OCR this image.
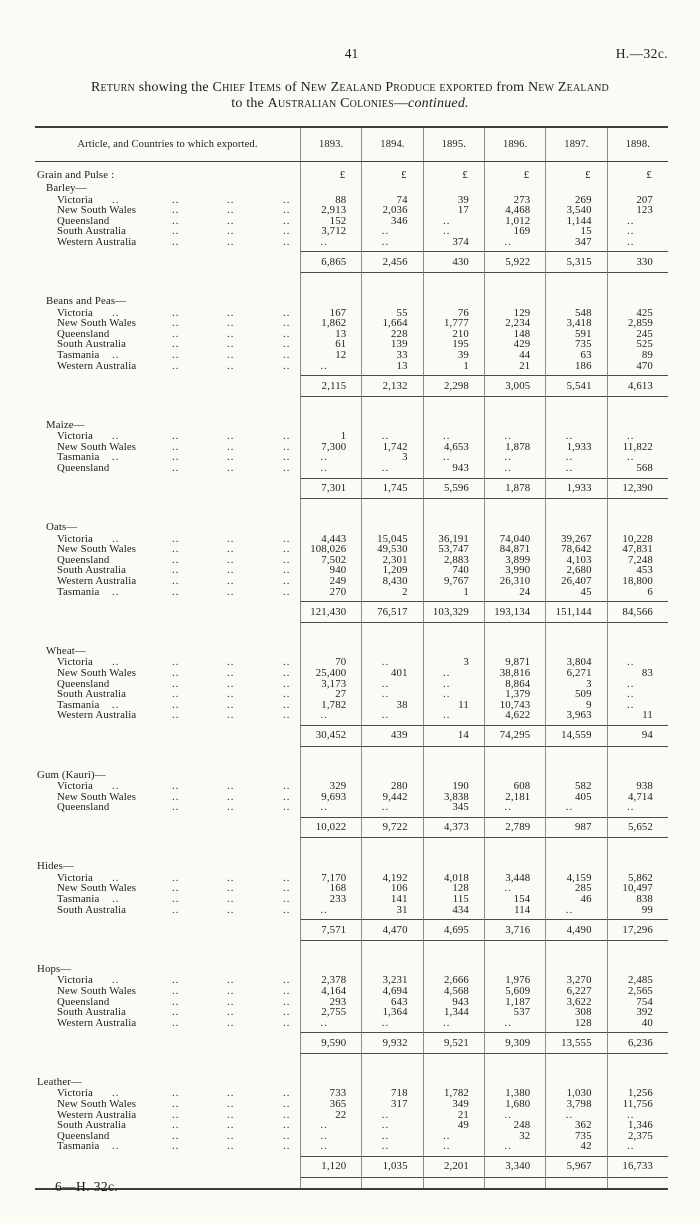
41	H.—32c.
Return showing the Chief Items of New Zealand Produce exported from New Zealand
to the Australian Colonies—continued.
Article, and Countries to which exported.	1893.	1894.	1895.	1896.	1897.	1898.
Grain and Pulse :	£	£	£	£	£	£
Barley—
Victoria ..	..	..	..	88	74	39	273	269	207
New South Wales	..	..	..	2,913	2,036	17	4,468	3,540	123
Queensland	..	..	..	152	346	..	1,012	1,144	..
South Australia	..	..	..	3,712	..	..	169	15	..
Western Australia	..	..	..	..	..	374	..	347	..
6,865	2,456	430	5,922	5,315	330
Beans and Peas—
Victoria ..	..	..	..	167	55	76	129	548	425
New South Wales	..	..	..	1,862	1,664	1,777	2,234	3,418	2,859
Queensland	..	..	..	13	228	210	148	591	245
South Australia	..	..	..	61	139	195	429	735	525
Tasmania ..	..	..	..	12	33	39	44	63	89
Western Australia	..	..	..	..	13	1	21	186	470
2,115	2,132	2,298	3,005	5,541	4,613
Maize—
Victoria ..	..	..	..	1	..	..	..	..	..
New South Wales	..	..	..	7,300	1,742	4,653	1,878	1,933	11,822
Tasmania ..	..	..	..	..	3	..	..	..	..
Queensland	..	..	..	..	..	943	..	..	568
7,301	1,745	5,596	1,878	1,933	12,390
Oats—
Victoria ..	..	..	..	4,443	15,045	36,191	74,040	39,267	10,228
New South Wales	..	..	..	108,026	49,530	53,747	84,871	78,642	47,831
Queensland	..	..	..	7,502	2,301	2,883	3,899	4,103	7,248
South Australia	..	..	..	940	1,209	740	3,990	2,680	453
Western Australia	..	..	..	249	8,430	9,767	26,310	26,407	18,800
Tasmania ..	..	..	..	270	2	1	24	45	6
121,430	76,517	103,329	193,134	151,144	84,566
Wheat—
Victoria ..	..	..	..	70	..	3	9,871	3,804	..
New South Wales	..	..	..	25,400	401	..	38,816	6,271	83
Queensland	..	..	..	3,173	..	..	8,864	3	..
South Australia	..	..	..	27	..	..	1,379	509	..
Tasmania ..	..	..	..	1,782	38	11	10,743	9	..
Western Australia	..	..	..	..	..	..	4,622	3,963	11
30,452	439	14	74,295	14,559	94
Gum (Kauri)—
Victoria ..	..	..	..	329	280	190	608	582	938
New South Wales	..	..	..	9,693	9,442	3,838	2,181	405	4,714
Queensland	..	..	..	..	..	345	..	..	..
10,022	9,722	4,373	2,789	987	5,652
Hides—
Victoria ..	..	..	..	7,170	4,192	4,018	3,448	4,159	5,862
New South Wales	..	..	..	168	106	128	..	285	10,497
Tasmania ..	..	..	..	233	141	115	154	46	838
South Australia	..	..	..	..	31	434	114	..	99
7,571	4,470	4,695	3,716	4,490	17,296
Hops—
Victoria ..	..	..	..	2,378	3,231	2,666	1,976	3,270	2,485
New South Wales	..	..	..	4,164	4,694	4,568	5,609	6,227	2,565
Queensland	..	..	..	293	643	943	1,187	3,622	754
South Australia	..	..	..	2,755	1,364	1,344	537	308	392
Western Australia	..	..	..	..	..	..	..	128	40
9,590	9,932	9,521	9,309	13,555	6,236
Leather—
Victoria ..	..	..	..	733	718	1,782	1,380	1,030	1,256
New South Wales	..	..	..	365	317	349	1,680	3,798	11,756
Western Australia	..	..	..	22	..	21	..	..	..
South Australia	..	..	..	..	..	49	248	362	1,346
Queensland	..	..	..	..	..	..	32	735	2,375
Tasmania ..	..	..	..	..	..	..	..	42	..
1,120	1,035	2,201	3,340	5,967	16,733
6—H. 32c.
